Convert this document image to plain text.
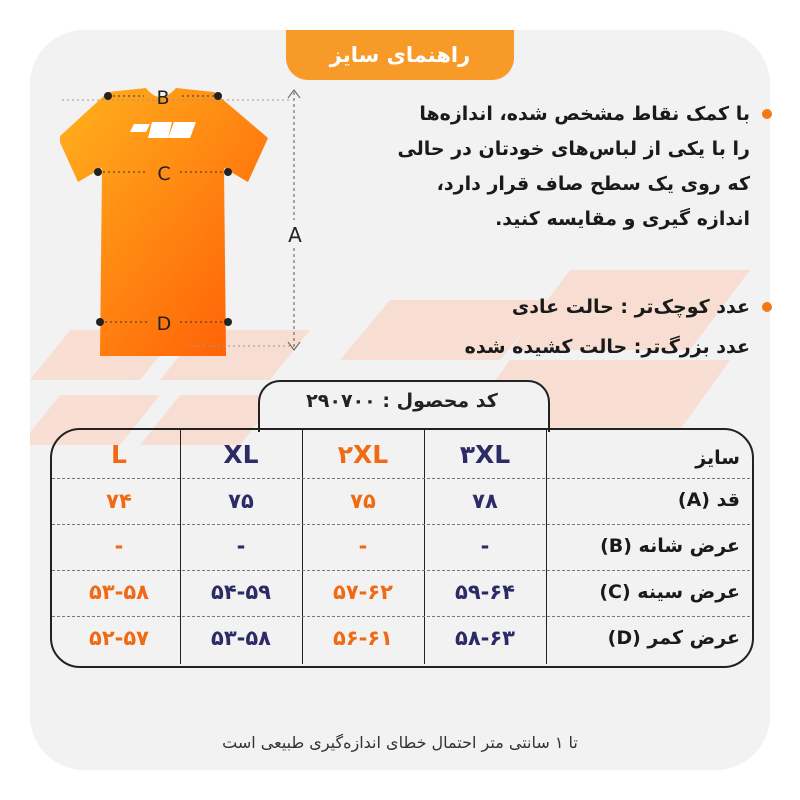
راهنمای سایز
B
C
D
A
با کمک نقاط مشخص شده، اندازه‌ها
را با یکی از لباس‌های خودتان در حالی
که روی یک سطح صاف قرار دارد،
اندازه گیری و مقایسه کنید.
عدد کوچک‌تر : حالت عادی
عدد بزرگ‌تر: حالت کشیده شده
کد محصول : ۲۹۰۷۰۰
سایز
۳XL
۲XL
XL
L
قد (A)
۷۸
۷۵
۷۵
۷۴
عرض شانه (B)
-
-
-
-
عرض سینه (C)
۵۹-۶۴
۵۷-۶۲
۵۴-۵۹
۵۳-۵۸
عرض کمر (D)
۵۸-۶۳
۵۶-۶۱
۵۳-۵۸
۵۲-۵۷
تا ۱ سانتی متر احتمال خطای اندازه‌گیری طبیعی است
